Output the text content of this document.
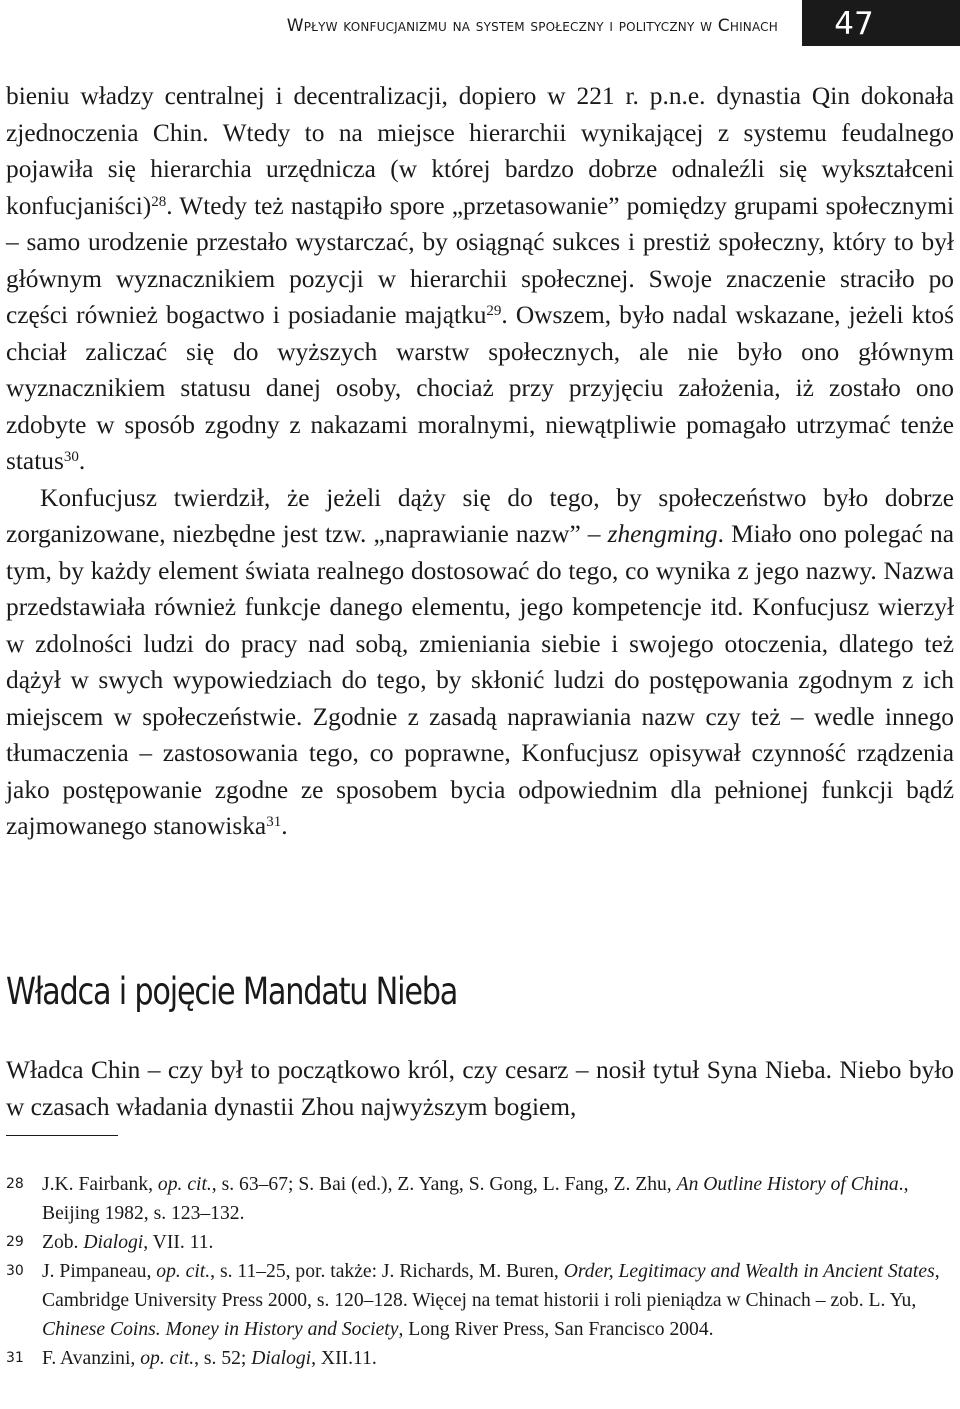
Wpływ konfucjanizmu na system społeczny i polityczny w Chinach	47

bieniu władzy centralnej i decentralizacji, dopiero w 221 r. p.n.e. dynastia Qin dokonała zjednoczenia Chin. Wtedy to na miejsce hierarchii wynikającej z systemu feudalnego pojawiła się hierarchia urzędnicza (w której bardzo dobrze odnaleźli się wykształceni konfucjaniści)$^{28}$. Wtedy też nastąpiło spore „przetasowanie” pomiędzy grupami społecznymi – samo urodzenie przestało wystarczać, by osiągnąć sukces i prestiż społeczny, który to był głównym wyznacznikiem pozycji w hierarchii społecznej. Swoje znaczenie straciło po części również bogactwo i posiadanie majątku$^{29}$. Owszem, było nadal wskazane, jeżeli ktoś chciał zaliczać się do wyższych warstw społecznych, ale nie było ono głównym wyznacznikiem statusu danej osoby, chociaż przy przyjęciu założenia, iż zostało ono zdobyte w sposób zgodny z nakazami moralnymi, niewątpliwie pomagało utrzymać tenże status$^{30}$.

Konfucjusz twierdził, że jeżeli dąży się do tego, by społeczeństwo było dobrze zorganizowane, niezbędne jest tzw. „naprawianie nazw” – zhengming. Miało ono polegać na tym, by każdy element świata realnego dostosować do tego, co wynika z jego nazwy. Nazwa przedstawiała również funkcje danego elementu, jego kompetencje itd. Konfucjusz wierzył w zdolności ludzi do pracy nad sobą, zmieniania siebie i swojego otoczenia, dlatego też dążył w swych wypowiedziach do tego, by skłonić ludzi do postępowania zgodnym z ich miejscem w społeczeństwie. Zgodnie z zasadą naprawiania nazw czy też – wedle innego tłumaczenia – zastosowania tego, co poprawne, Konfucjusz opisywał czynność rządzenia jako postępowanie zgodne ze sposobem bycia odpowiednim dla pełnionej funkcji bądź zajmowanego stanowiska$^{31}$.

Władca i pojęcie Mandatu Nieba

Władca Chin – czy był to początkowo król, czy cesarz – nosił tytuł Syna Nieba. Niebo było w czasach władania dynastii Zhou najwyższym bogiem,

28 J.K. Fairbank, op. cit., s. 63–67; S. Bai (ed.), Z. Yang, S. Gong, L. Fang, Z. Zhu, An Outline History of China., Beijing 1982, s. 123–132.
29 Zob. Dialogi, VII. 11.
30 J. Pimpaneau, op. cit., s. 11–25, por. także: J. Richards, M. Buren, Order, Legitimacy and Wealth in Ancient States, Cambridge University Press 2000, s. 120–128. Więcej na temat historii i roli pieniądza w Chinach – zob. L. Yu, Chinese Coins. Money in History and Society, Long River Press, San Francisco 2004.
31 F. Avanzini, op. cit., s. 52; Dialogi, XII.11.
